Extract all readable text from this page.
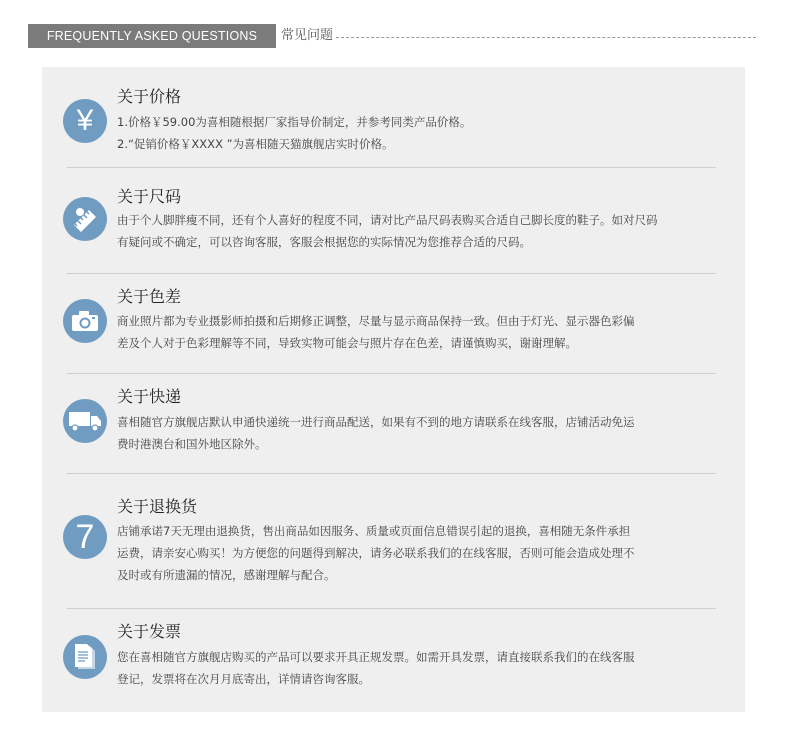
FREQUENTLY ASKED QUESTIONS	常见问题
¥
关于价格

1.价格￥59.00为喜相随根据厂家指导价制定，并参考同类产品价格。

2.“促销价格￥XXXX ”为喜相随天猫旗舰店实时价格。

关于尺码

由于个人脚胖瘦不同，还有个人喜好的程度不同，请对比产品尺码表购买合适自己脚长度的鞋子。如对尺码

有疑问或不确定，可以咨询客服，客服会根据您的实际情况为您推荐合适的尺码。

关于色差

商业照片都为专业摄影师拍摄和后期修正调整，尽量与显示商品保持一致。但由于灯光、显示器色彩偏

差及个人对于色彩理解等不同，导致实物可能会与照片存在色差，请谨慎购买，谢谢理解。

关于快递

喜相随官方旗舰店默认申通快递统一进行商品配送，如果有不到的地方请联系在线客服，店铺活动免运

费时港澳台和国外地区除外。

7
关于退换货

店铺承诺7天无理由退换货，售出商品如因服务、质量或页面信息错误引起的退换，喜相随无条件承担

运费，请亲安心购买！为方便您的问题得到解决，请务必联系我们的在线客服，否则可能会造成处理不

及时或有所遗漏的情况，感谢理解与配合。

关于发票

您在喜相随官方旗舰店购买的产品可以要求开具正规发票。如需开具发票，请直接联系我们的在线客服

登记，发票将在次月月底寄出，详情请咨询客服。
